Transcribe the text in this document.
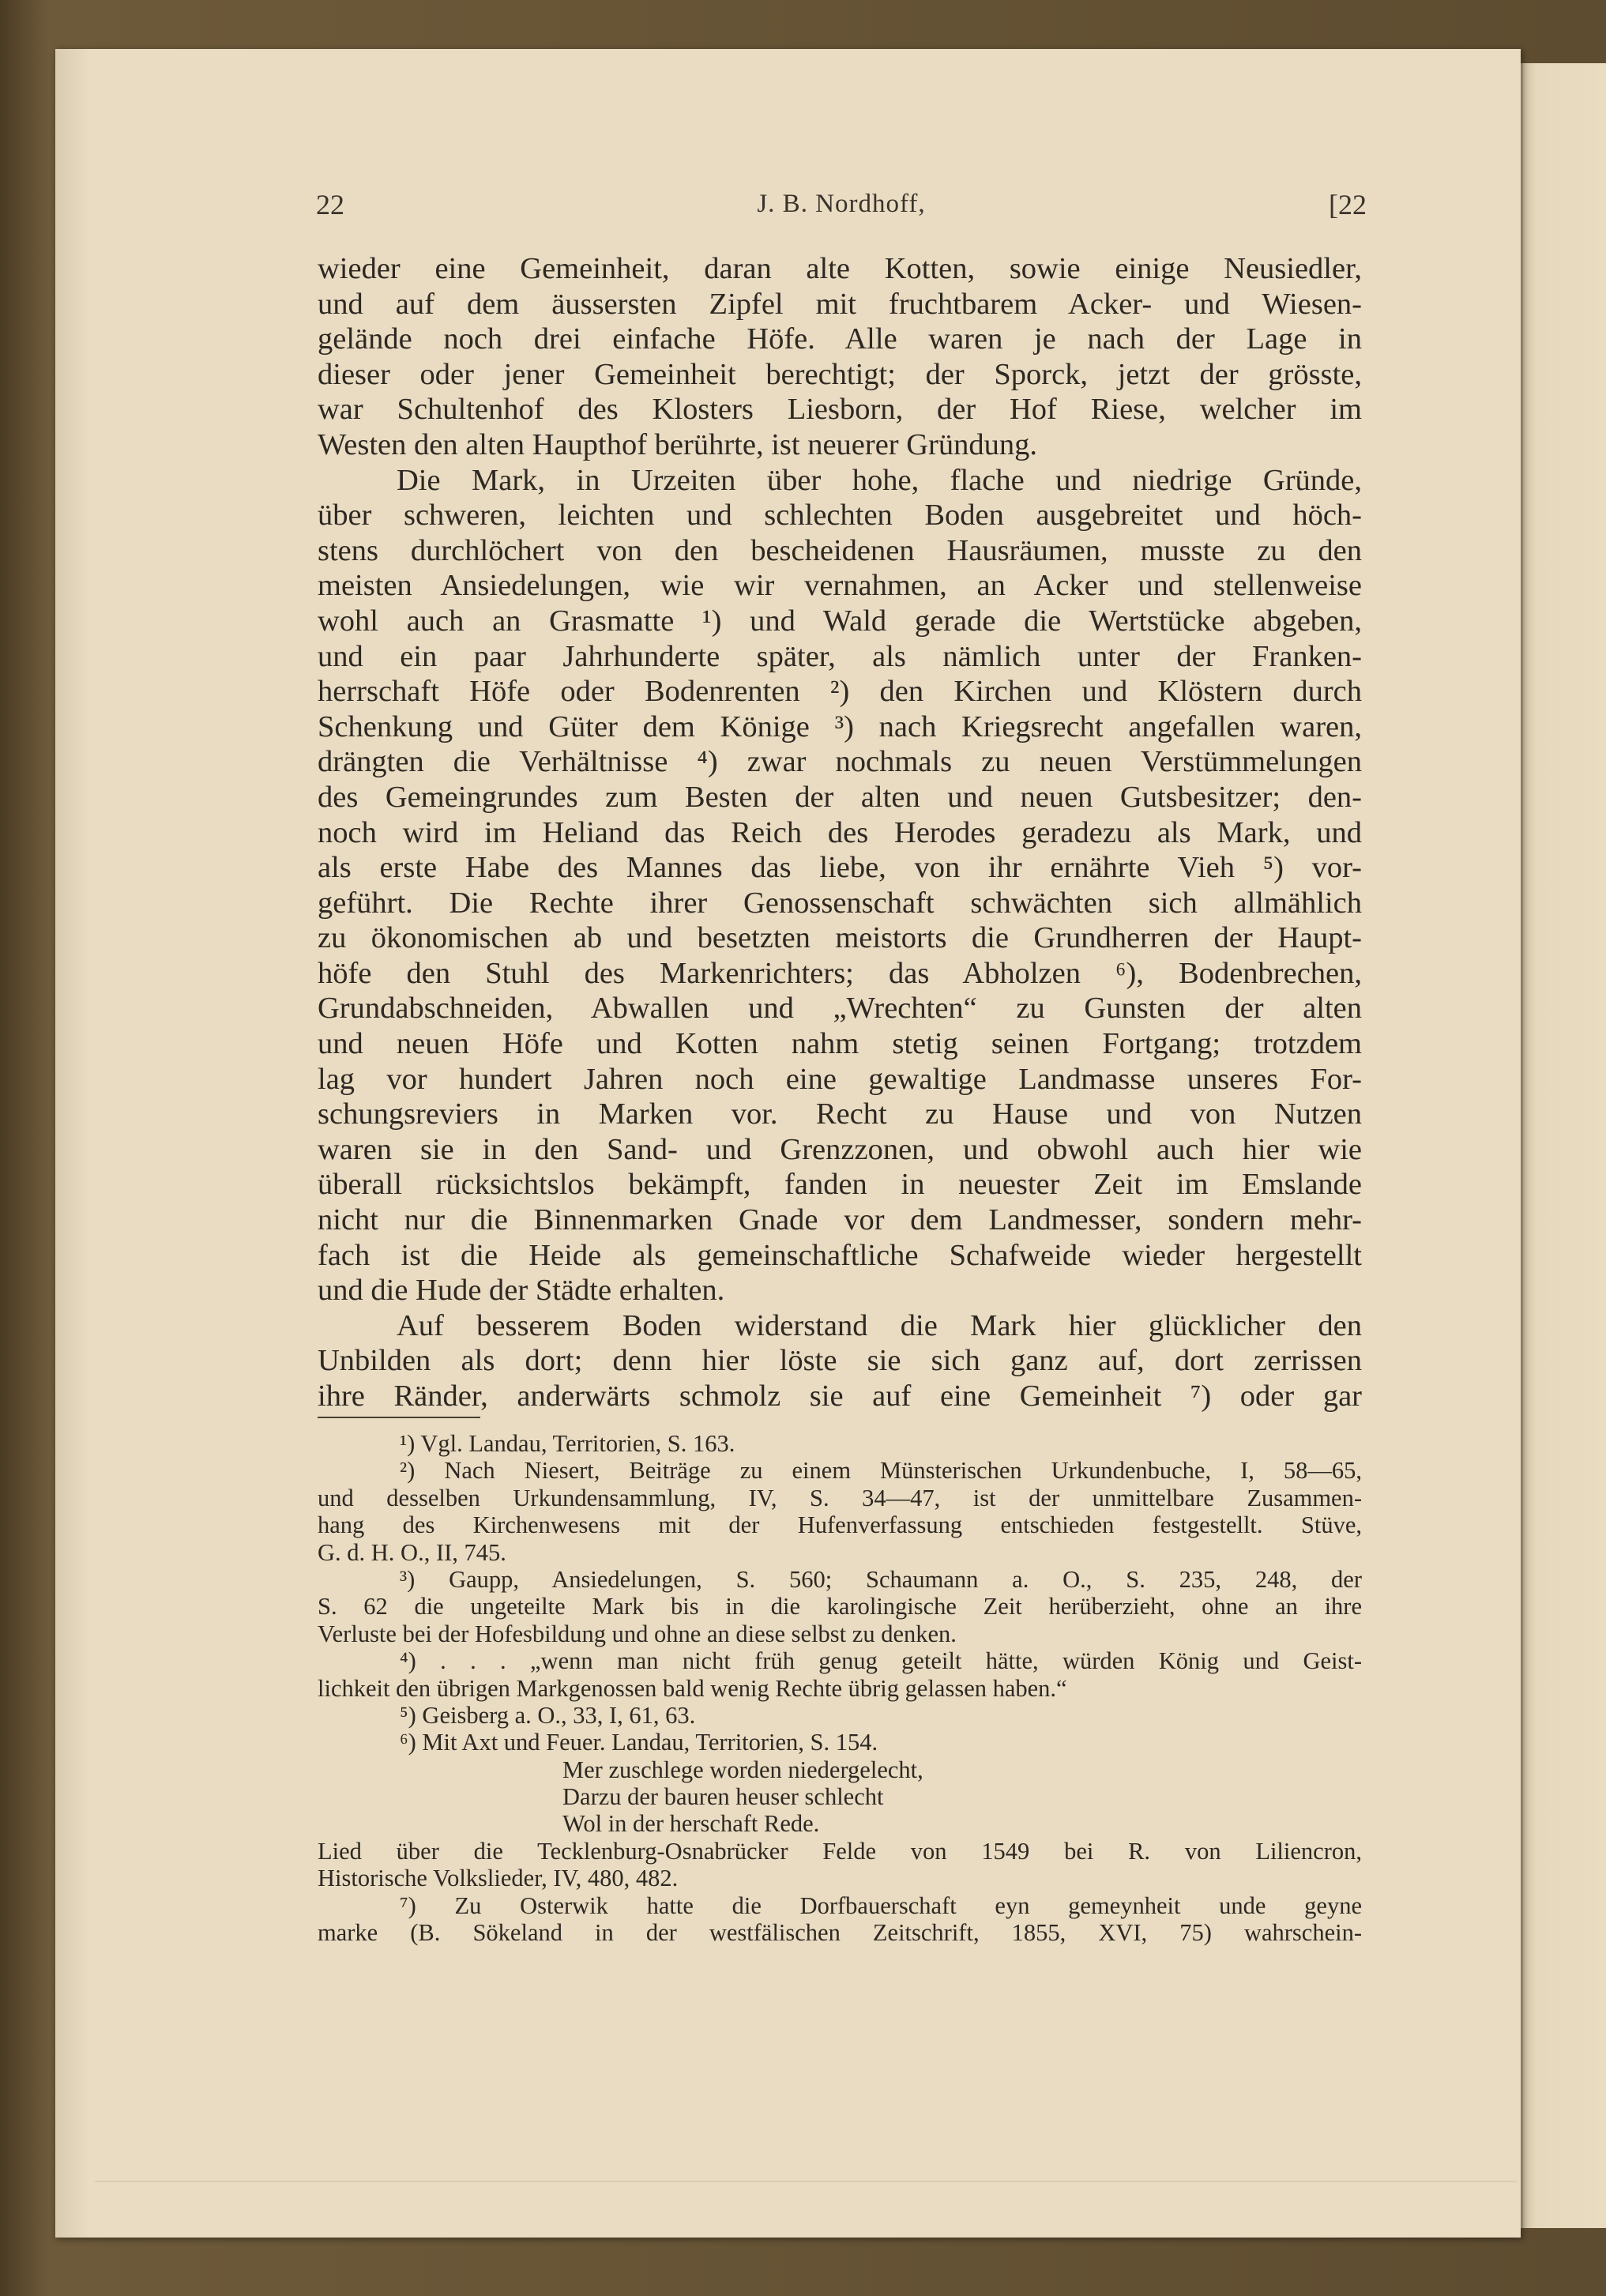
22	J. B. Nordhoff,	[22
wieder eine Gemeinheit, daran alte Kotten, sowie einige Neusiedler,
und auf dem äussersten Zipfel mit fruchtbarem Acker- und Wiesen-
gelände noch drei einfache Höfe. Alle waren je nach der Lage in
dieser oder jener Gemeinheit berechtigt; der Sporck, jetzt der grösste,
war Schultenhof des Klosters Liesborn, der Hof Riese, welcher im
Westen den alten Haupthof berührte, ist neuerer Gründung.
Die Mark, in Urzeiten über hohe, flache und niedrige Gründe,
über schweren, leichten und schlechten Boden ausgebreitet und höch-
stens durchlöchert von den bescheidenen Hausräumen, musste zu den
meisten Ansiedelungen, wie wir vernahmen, an Acker und stellenweise
wohl auch an Grasmatte ¹) und Wald gerade die Wertstücke abgeben,
und ein paar Jahrhunderte später, als nämlich unter der Franken-
herrschaft Höfe oder Bodenrenten ²) den Kirchen und Klöstern durch
Schenkung und Güter dem Könige ³) nach Kriegsrecht angefallen waren,
drängten die Verhältnisse ⁴) zwar nochmals zu neuen Verstümmelungen
des Gemeingrundes zum Besten der alten und neuen Gutsbesitzer; den-
noch wird im Heliand das Reich des Herodes geradezu als Mark, und
als erste Habe des Mannes das liebe, von ihr ernährte Vieh ⁵) vor-
geführt. Die Rechte ihrer Genossenschaft schwächten sich allmählich
zu ökonomischen ab und besetzten meistorts die Grundherren der Haupt-
höfe den Stuhl des Markenrichters; das Abholzen ⁶), Bodenbrechen,
Grundabschneiden, Abwallen und „Wrechten“ zu Gunsten der alten
und neuen Höfe und Kotten nahm stetig seinen Fortgang; trotzdem
lag vor hundert Jahren noch eine gewaltige Landmasse unseres For-
schungsreviers in Marken vor. Recht zu Hause und von Nutzen
waren sie in den Sand- und Grenzzonen, und obwohl auch hier wie
überall rücksichtslos bekämpft, fanden in neuester Zeit im Emslande
nicht nur die Binnenmarken Gnade vor dem Landmesser, sondern mehr-
fach ist die Heide als gemeinschaftliche Schafweide wieder hergestellt
und die Hude der Städte erhalten.
Auf besserem Boden widerstand die Mark hier glücklicher den
Unbilden als dort; denn hier löste sie sich ganz auf, dort zerrissen
ihre Ränder, anderwärts schmolz sie auf eine Gemeinheit ⁷) oder gar
¹) Vgl. Landau, Territorien, S. 163.
²) Nach Niesert, Beiträge zu einem Münsterischen Urkundenbuche, I, 58—65,
und desselben Urkundensammlung, IV, S. 34—47, ist der unmittelbare Zusammen-
hang des Kirchenwesens mit der Hufenverfassung entschieden festgestellt. Stüve,
G. d. H. O., II, 745.
³) Gaupp, Ansiedelungen, S. 560; Schaumann a. O., S. 235, 248, der
S. 62 die ungeteilte Mark bis in die karolingische Zeit herüberzieht, ohne an ihre
Verluste bei der Hofesbildung und ohne an diese selbst zu denken.
⁴) . . . „wenn man nicht früh genug geteilt hätte, würden König und Geist-
lichkeit den übrigen Markgenossen bald wenig Rechte übrig gelassen haben.“
⁵) Geisberg a. O., 33, I, 61, 63.
⁶) Mit Axt und Feuer. Landau, Territorien, S. 154.
Mer zuschlege worden niedergelecht,
Darzu der bauren heuser schlecht
Wol in der herschaft Rede.
Lied über die Tecklenburg-Osnabrücker Felde von 1549 bei R. von Liliencron,
Historische Volkslieder, IV, 480, 482.
⁷) Zu Osterwik hatte die Dorfbauerschaft eyn gemeynheit unde geyne
marke (B. Sökeland in der westfälischen Zeitschrift, 1855, XVI, 75) wahrschein-
